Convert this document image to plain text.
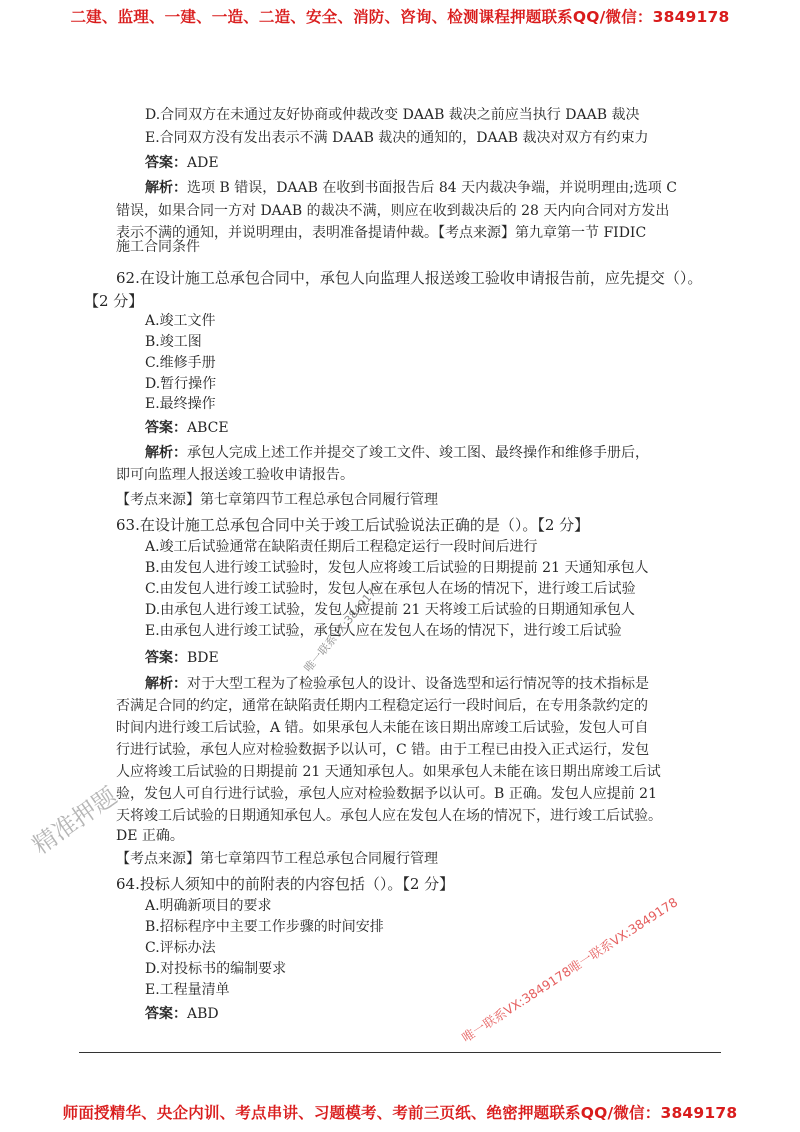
二建、监理、一建、一造、二造、安全、消防、咨询、检测课程押题联系QQ/微信：3849178
D.合同双方在未通过友好协商或仲裁改变 DAAB 裁决之前应当执行 DAAB 裁决
E.合同双方没有发出表示不满 DAAB 裁决的通知的，DAAB 裁决对双方有约束力
答案：ADE
解析：选项 B 错误，DAAB 在收到书面报告后 84 天内裁决争端，并说明理由;选项 C
错误，如果合同一方对 DAAB 的裁决不满，则应在收到裁决后的 28 天内向合同对方发出
表示不满的通知，并说明理由，表明准备提请仲裁。【考点来源】第九章第一节 FIDIC
施工合同条件
62.在设计施工总承包合同中，承包人向监理人报送竣工验收申请报告前，应先提交（）。
【2 分】
A.竣工文件
B.竣工图
C.维修手册
D.暂行操作
E.最终操作
答案：ABCE
解析：承包人完成上述工作并提交了竣工文件、竣工图、最终操作和维修手册后，
即可向监理人报送竣工验收申请报告。
【考点来源】第七章第四节工程总承包合同履行管理
63.在设计施工总承包合同中关于竣工后试验说法正确的是（）。【2 分】
A.竣工后试验通常在缺陷责任期后工程稳定运行一段时间后进行
B.由发包人进行竣工试验时，发包人应将竣工后试验的日期提前 21 天通知承包人
C.由发包人进行竣工试验时，发包人应在承包人在场的情况下，进行竣工后试验
D.由承包人进行竣工试验，发包人应提前 21 天将竣工后试验的日期通知承包人
E.由承包人进行竣工试验，承包人应在发包人在场的情况下，进行竣工后试验
答案：BDE
解析：对于大型工程为了检验承包人的设计、设备选型和运行情况等的技术指标是
否满足合同的约定，通常在缺陷责任期内工程稳定运行一段时间后，在专用条款约定的
时间内进行竣工后试验，A 错。如果承包人未能在该日期出席竣工后试验，发包人可自
行进行试验，承包人应对检验数据予以认可，C 错。由于工程已由投入正式运行，发包
人应将竣工后试验的日期提前 21 天通知承包人。如果承包人未能在该日期出席竣工后试
验，发包人可自行进行试验，承包人应对检验数据予以认可。B 正确。发包人应提前 21
天将竣工后试验的日期通知承包人。承包人应在发包人在场的情况下，进行竣工后试验。
DE 正确。
【考点来源】第七章第四节工程总承包合同履行管理
64.投标人须知中的前附表的内容包括（）。【2 分】
A.明确新项目的要求
B.招标程序中主要工作步骤的时间安排
C.评标办法
D.对投标书的编制要求
E.工程量清单
答案：ABD
精准押题
唯一联系VX:3849178
唯一联系VX:3849178唯一联系VX:3849178
师面授精华、央企内训、考点串讲、习题模考、考前三页纸、绝密押题联系QQ/微信：3849178
